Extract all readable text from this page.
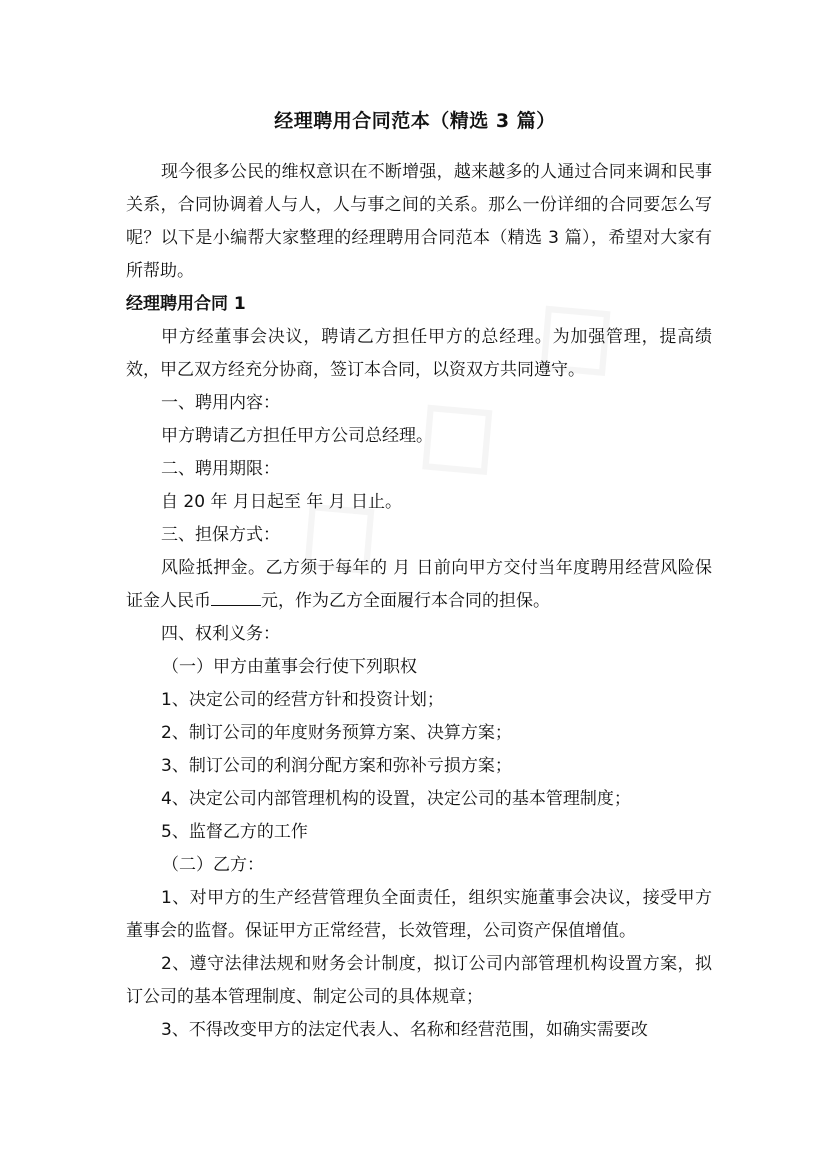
经理聘用合同范本（精选 3 篇）

现今很多公民的维权意识在不断增强，越来越多的人通过合同来调和民事关系，合同协调着人与人，人与事之间的关系。那么一份详细的合同要怎么写呢？以下是小编帮大家整理的经理聘用合同范本（精选 3 篇），希望对大家有所帮助。

经理聘用合同 1

甲方经董事会决议，聘请乙方担任甲方的总经理。为加强管理，提高绩效，甲乙双方经充分协商，签订本合同，以资双方共同遵守。

一、聘用内容：

甲方聘请乙方担任甲方公司总经理。

二、聘用期限：

自 20 年 月日起至 年 月 日止。

三、担保方式：

风险抵押金。乙方须于每年的 月 日前向甲方交付当年度聘用经营风险保证金人民币	元，作为乙方全面履行本合同的担保。

四、权利义务：

（一）甲方由董事会行使下列职权

1、决定公司的经营方针和投资计划；

2、制订公司的年度财务预算方案、决算方案；

3、制订公司的利润分配方案和弥补亏损方案；

4、决定公司内部管理机构的设置，决定公司的基本管理制度；

5、监督乙方的工作

（二）乙方：

1、对甲方的生产经营管理负全面责任，组织实施董事会决议，接受甲方董事会的监督。保证甲方正常经营，长效管理，公司资产保值增值。

2、遵守法律法规和财务会计制度，拟订公司内部管理机构设置方案，拟订公司的基本管理制度、制定公司的具体规章；

3、不得改变甲方的法定代表人、名称和经营范围，如确实需要改
